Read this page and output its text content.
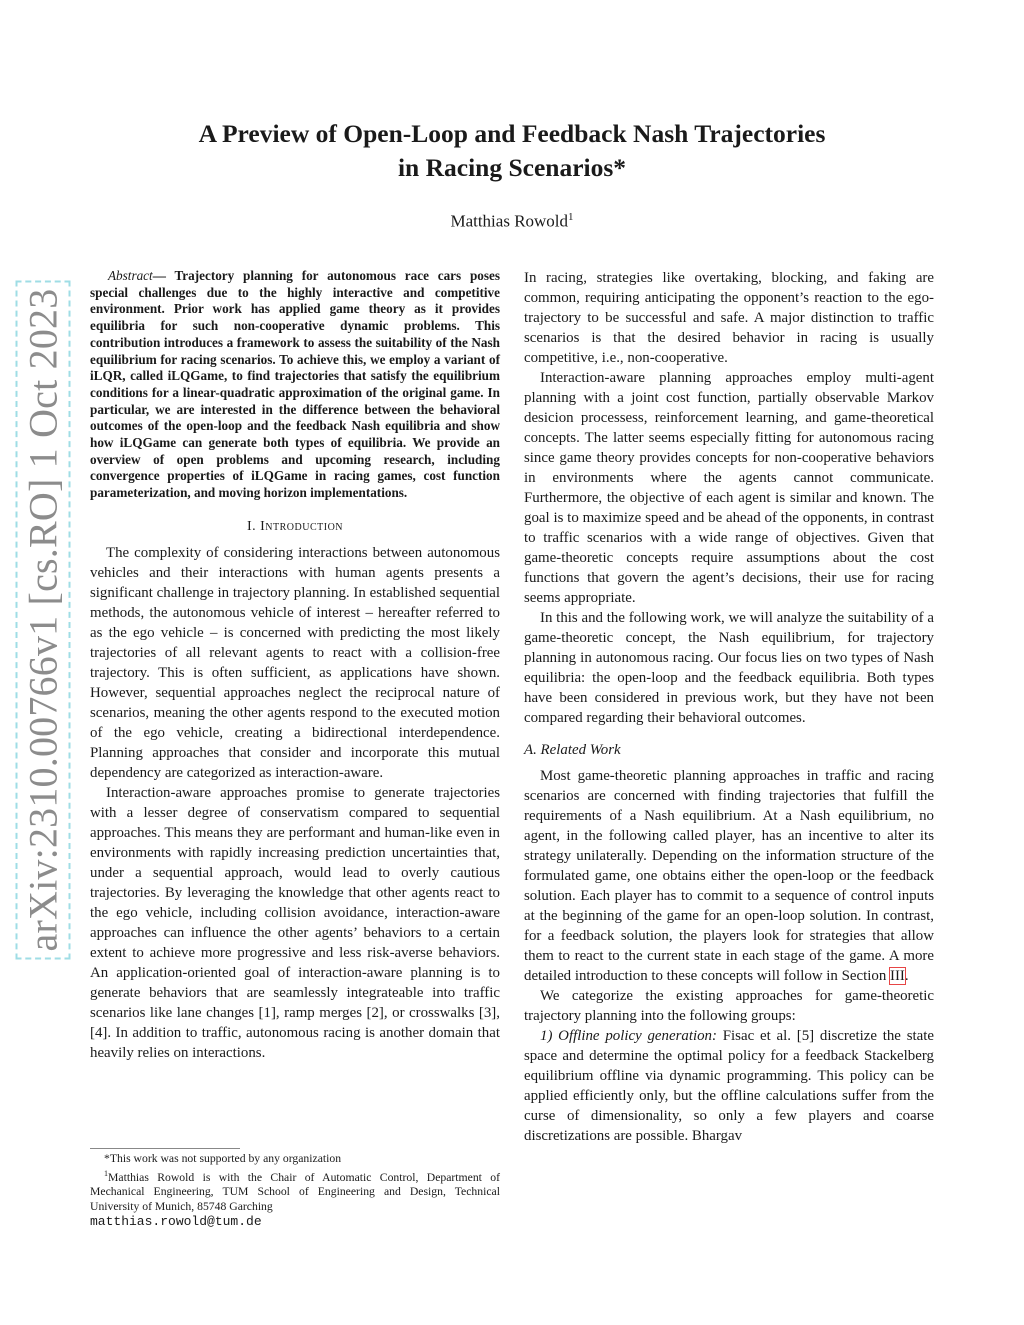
arXiv:2310.00766v1 [cs.RO] 1 Oct 2023
A Preview of Open-Loop and Feedback Nash Trajectories
in Racing Scenarios*
Matthias Rowold$^1$

Abstract— Trajectory planning for autonomous race cars poses special challenges due to the highly interactive and competitive environment. Prior work has applied game theory as it provides equilibria for such non-cooperative dynamic problems. This contribution introduces a framework to assess the suitability of the Nash equilibrium for racing scenarios. To achieve this, we employ a variant of iLQR, called iLQGame, to find trajectories that satisfy the equilibrium conditions for a linear-quadratic approximation of the original game. In particular, we are interested in the difference between the behavioral outcomes of the open-loop and the feedback Nash equilibria and show how iLQGame can generate both types of equilibria. We provide an overview of open problems and upcoming research, including convergence properties of iLQGame in racing games, cost function parameterization, and moving horizon implementations.

I. Introduction

The complexity of considering interactions between autonomous vehicles and their interactions with human agents presents a significant challenge in trajectory planning. In established sequential methods, the autonomous vehicle of interest – hereafter referred to as the ego vehicle – is concerned with predicting the most likely trajectories of all relevant agents to react with a collision-free trajectory. This is often sufficient, as applications have shown. However, sequential approaches neglect the reciprocal nature of scenarios, meaning the other agents respond to the executed motion of the ego vehicle, creating a bidirectional interdependence. Planning approaches that consider and incorporate this mutual dependency are categorized as interaction-aware.

Interaction-aware approaches promise to generate trajectories with a lesser degree of conservatism compared to sequential approaches. This means they are performant and human-like even in environments with rapidly increasing prediction uncertainties that, under a sequential approach, would lead to overly cautious trajectories. By leveraging the knowledge that other agents react to the ego vehicle, including collision avoidance, interaction-aware approaches can influence the other agents’ behaviors to a certain extent to achieve more progressive and less risk-averse behaviors. An application-oriented goal of interaction-aware planning is to generate behaviors that are seamlessly integrateable into traffic scenarios like lane changes [1], ramp merges [2], or crosswalks [3], [4]. In addition to traffic, autonomous racing is another domain that heavily relies on interactions.

In racing, strategies like overtaking, blocking, and faking are common, requiring anticipating the opponent’s reaction to the ego-trajectory to be successful and safe. A major distinction to traffic scenarios is that the desired behavior in racing is usually competitive, i.e., non-cooperative.

Interaction-aware planning approaches employ multi-agent planning with a joint cost function, partially observable Markov desicion processess, reinforcement learning, and game-theoretical concepts. The latter seems especially fitting for autonomous racing since game theory provides concepts for non-cooperative behaviors in environments where the agents cannot communicate. Furthermore, the objective of each agent is similar and known. The goal is to maximize speed and be ahead of the opponents, in contrast to traffic scenarios with a wide range of objectives. Given that game-theoretic concepts require assumptions about the cost functions that govern the agent’s decisions, their use for racing seems appropriate.

In this and the following work, we will analyze the suitability of a game-theoretic concept, the Nash equilibrium, for trajectory planning in autonomous racing. Our focus lies on two types of Nash equilibria: the open-loop and the feedback equilibria. Both types have been considered in previous work, but they have not been compared regarding their behavioral outcomes.

A. Related Work

Most game-theoretic planning approaches in traffic and racing scenarios are concerned with finding trajectories that fulfill the requirements of a Nash equilibrium. At a Nash equilibrium, no agent, in the following called player, has an incentive to alter its strategy unilaterally. Depending on the information structure of the formulated game, one obtains either the open-loop or the feedback solution. Each player has to commit to a sequence of control inputs at the beginning of the game for an open-loop solution. In contrast, for a feedback solution, the players look for strategies that allow them to react to the current state in each stage of the game. A more detailed introduction to these concepts will follow in Section III.

We categorize the existing approaches for game-theoretic trajectory planning into the following groups:

1) Offline policy generation: Fisac et al. [5] discretize the state space and determine the optimal policy for a feedback Stackelberg equilibrium offline via dynamic programming. This policy can be applied efficiently only, but the offline calculations suffer from the curse of dimensionality, so only a few players and coarse discretizations are possible. Bhargav

*This work was not supported by any organization

$^1$Matthias Rowold is with the Chair of Automatic Control, Department of Mechanical Engineering, TUM School of Engineering and Design, Technical University of Munich, 85748 Garching
matthias.rowold@tum.de
